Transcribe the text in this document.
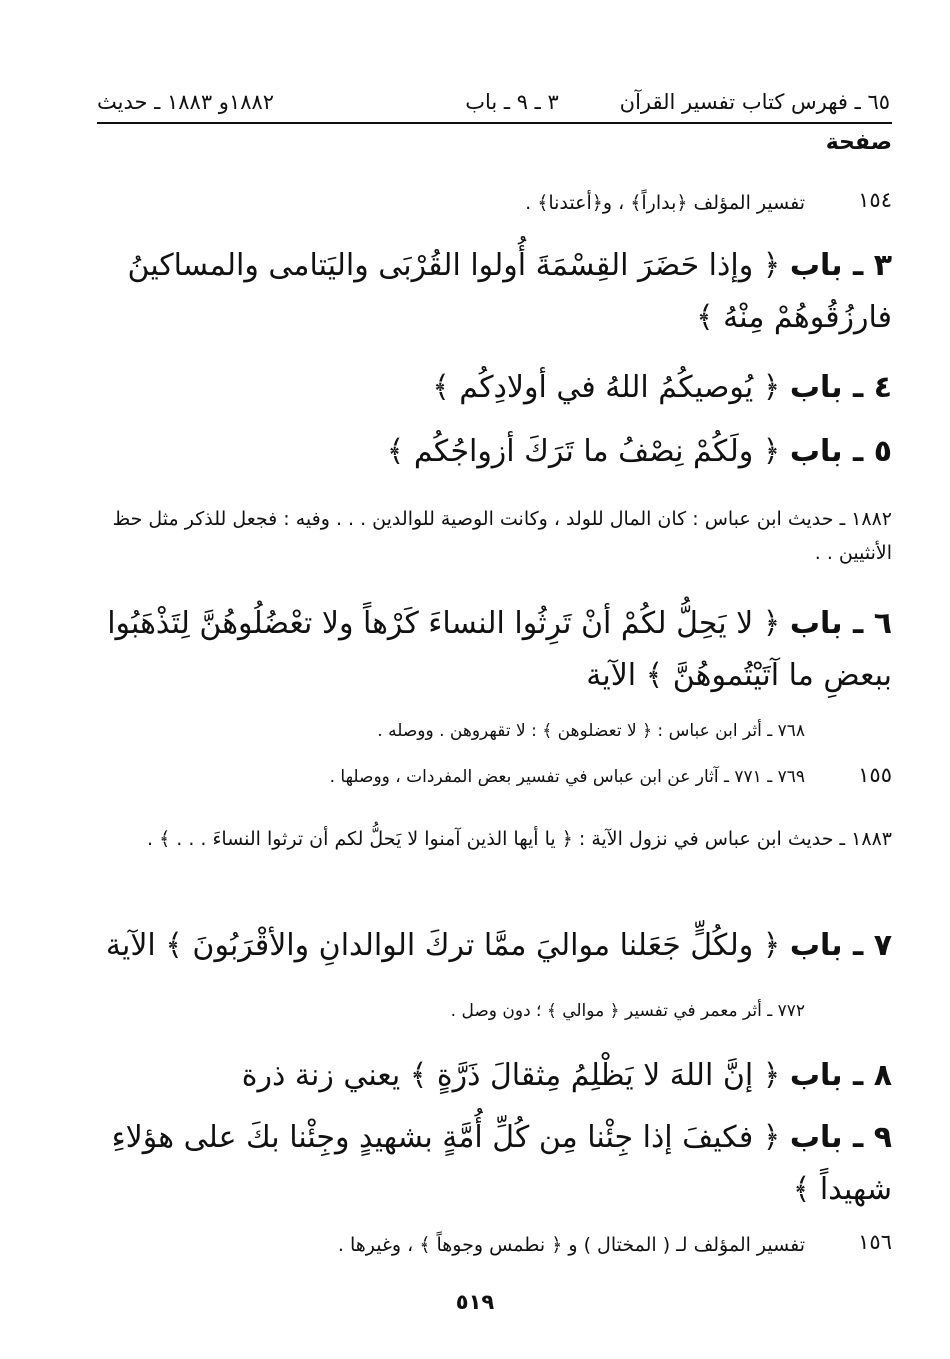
٦٥ ـ فهرس كتاب تفسير القرآن
٣ ـ ٩ ـ باب
١٨٨٢و ١٨٨٣ ـ حديث
صفحة
١٥٤
تفسير المؤلف ﴿بداراً﴾ ، و﴿أعتدنا﴾ .
٣ ـ باب ﴿ وإذا حَضَرَ القِسْمَةَ أُولوا القُرْبَى واليَتامى والمساكينُ فارزُقُوهُمْ مِنْهُ ﴾
٤ ـ باب ﴿ يُوصيكُمُ اللهُ في أولادِكُم ﴾
٥ ـ باب ﴿ ولَكُمْ نِصْفُ ما تَرَكَ أزواجُكُم ﴾
١٨٨٢ ـ حديث ابن عباس : كان المال للولد ، وكانت الوصية للوالدين . . . وفيه : فجعل للذكر مثل حظ الأنثيين . .
٦ ـ باب ﴿ لا يَحِلُّ لكُمْ أنْ تَرِثُوا النساءَ كَرْهاً ولا تعْضُلُوهُنَّ لِتَذْهَبُوا ببعضِ ما آتَيْتُموهُنَّ ﴾ الآية
٧٦٨ ـ أثر ابن عباس : ﴿ لا تعضلوهن ﴾ : لا تقهروهن . ووصله .
١٥٥
٧٦٩ ـ ٧٧١ ـ آثار عن ابن عباس في تفسير بعض المفردات ، ووصلها .
١٨٨٣ ـ حديث ابن عباس في نزول الآية : ﴿ يا أيها الذين آمنوا لا يَحلُّ لكم أن ترثوا النساءَ . . . ﴾ .
٧ ـ باب ﴿ ولكُلٍّ جَعَلنا مواليَ ممَّا تركَ الوالدانِ والأقْرَبُونَ ﴾ الآية
٧٧٢ ـ أثر معمر في تفسير ﴿ موالي ﴾ ؛ دون وصل .
٨ ـ باب ﴿ إنَّ اللهَ لا يَظْلِمُ مِثقالَ ذَرَّةٍ ﴾ يعني زنة ذرة
٩ ـ باب ﴿ فكيفَ إذا جِئْنا مِن كُلِّ أُمَّةٍ بشهيدٍ وجِئْنا بكَ على هؤلاءِ شهيداً ﴾
١٥٦
تفسير المؤلف لـ ( المختال ) و ﴿ نطمس وجوهاً ﴾ ، وغيرها .
٥١٩
